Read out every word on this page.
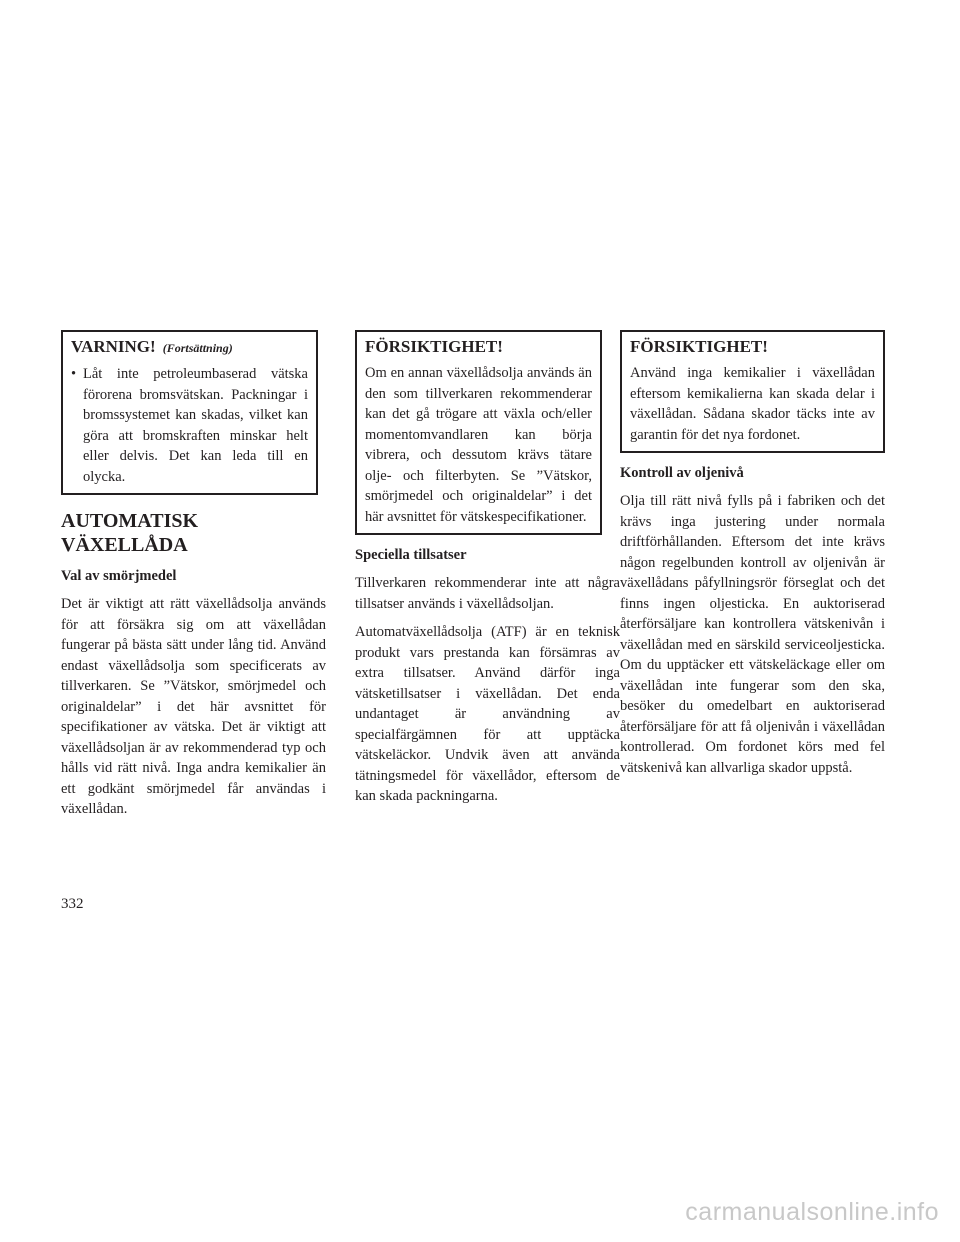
VARNING! (Fortsättning)
• Låt inte petroleumbaserad vätska förorena bromsvätskan. Packningar i bromssystemet kan skadas, vilket kan göra att bromskraften minskar helt eller delvis. Det kan leda till en olycka.
AUTOMATISK VÄXELLÅDA
Val av smörjmedel

Det är viktigt att rätt växellådsolja används för att försäkra sig om att växellådan fungerar på bästa sätt under lång tid. Använd endast växellådsolja som specificerats av tillverkaren. Se ”Vätskor, smörjmedel och originaldelar” i det här avsnittet för specifikationer av vätska. Det är viktigt att växellådsoljan är av rekommenderad typ och hålls vid rätt nivå. Inga andra kemikalier än ett godkänt smörjmedel får användas i växellådan.

FÖRSIKTIGHET!

Om en annan växellådsolja används än den som tillverkaren rekommenderar kan det gå trögare att växla och/eller momentomvandlaren kan börja vibrera, och dessutom krävs tätare olje- och filterbyten. Se ”Vätskor, smörjmedel och originaldelar” i det här avsnittet för vätskespecifikationer.

Speciella tillsatser

Tillverkaren rekommenderar inte att några tillsatser används i växellådsoljan.

Automatväxellådsolja (ATF) är en teknisk produkt vars prestanda kan försämras av extra tillsatser. Använd därför inga vätsketillsatser i växellådan. Det enda undantaget är användning av specialfärgämnen för att upptäcka vätskeläckor. Undvik även att använda tätningsmedel för växellådor, eftersom de kan skada packningarna.

FÖRSIKTIGHET!

Använd inga kemikalier i växellådan eftersom kemikalierna kan skada delar i växellådan. Sådana skador täcks inte av garantin för det nya fordonet.

Kontroll av oljenivå

Olja till rätt nivå fylls på i fabriken och det krävs inga justering under normala driftförhållanden. Eftersom det inte krävs någon regelbunden kontroll av oljenivån är växellådans påfyllningsrör förseglat och det finns ingen oljesticka. En auktoriserad återförsäljare kan kontrollera vätskenivån i växellådan med en särskild serviceoljesticka. Om du upptäcker ett vätskeläckage eller om växellådan inte fungerar som den ska, besöker du omedelbart en auktoriserad återförsäljare för att få oljenivån i växellådan kontrollerad. Om fordonet körs med fel vätskenivå kan allvarliga skador uppstå.

332
carmanualsonline.info
